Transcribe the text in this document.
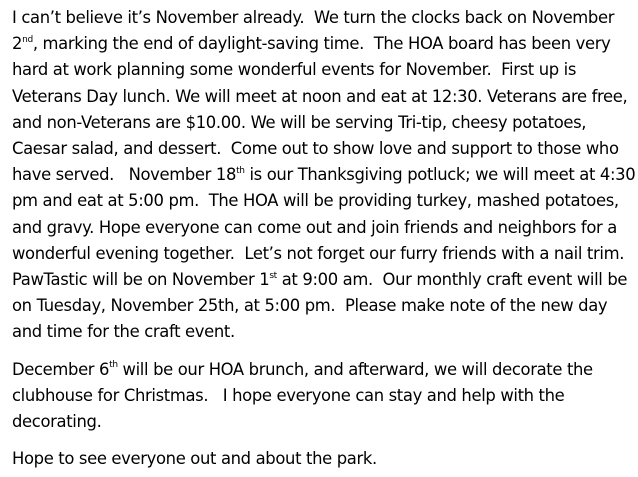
I can’t believe it’s November already.  We turn the clocks back on November
2nd, marking the end of daylight-saving time.  The HOA board has been very
hard at work planning some wonderful events for November.  First up is
Veterans Day lunch. We will meet at noon and eat at 12:30. Veterans are free,
and non-Veterans are $10.00. We will be serving Tri-tip, cheesy potatoes,
Caesar salad, and dessert.  Come out to show love and support to those who
have served.   November 18th is our Thanksgiving potluck; we will meet at 4:30
pm and eat at 5:00 pm.  The HOA will be providing turkey, mashed potatoes,
and gravy. Hope everyone can come out and join friends and neighbors for a
wonderful evening together.  Let’s not forget our furry friends with a nail trim.
PawTastic will be on November 1st at 9:00 am.  Our monthly craft event will be
on Tuesday, November 25th, at 5:00 pm.  Please make note of the new day
and time for the craft event.
December 6th will be our HOA brunch, and afterward, we will decorate the
clubhouse for Christmas.   I hope everyone can stay and help with the
decorating.
Hope to see everyone out and about the park.
